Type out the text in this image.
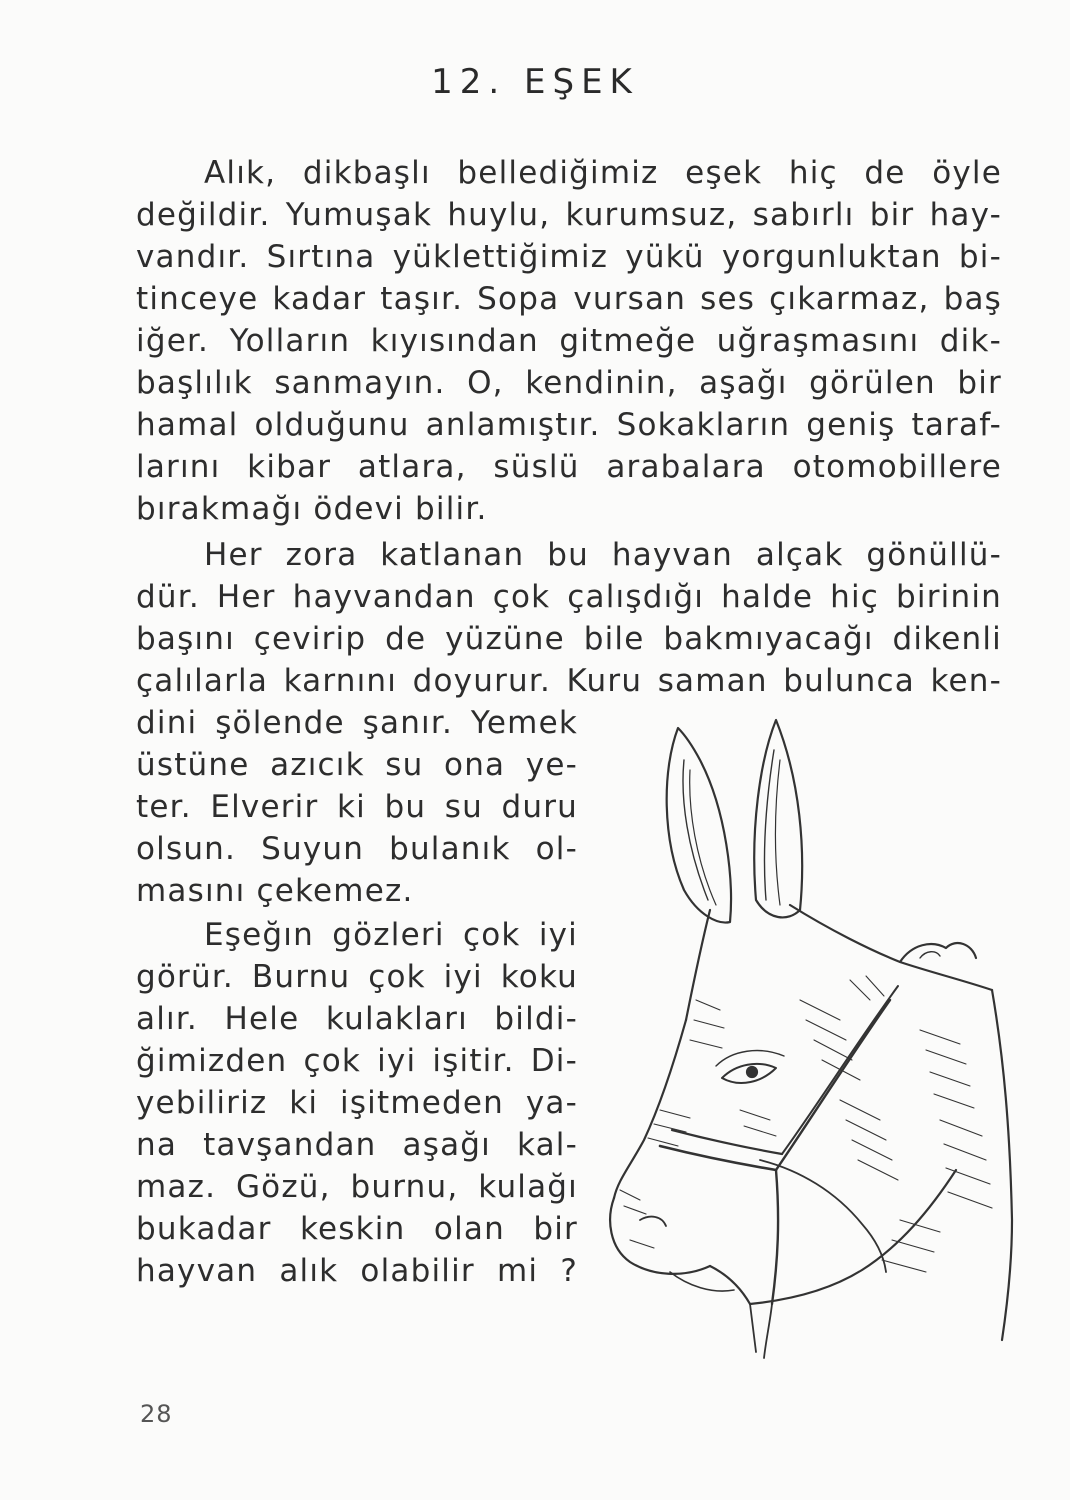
12. EŞEK
Alık, dikbaşlı bellediğimiz eşek hiç de öyle
değildir. Yumuşak huylu, kurumsuz, sabırlı bir hay-
vandır. Sırtına yüklettiğimiz yükü yorgunluktan bi-
tinceye kadar taşır. Sopa vursan ses çıkarmaz, baş
iğer. Yolların kıyısından gitmeğe uğraşmasını dik-
başlılık sanmayın. O, kendinin, aşağı görülen bir
hamal olduğunu anlamıştır. Sokakların geniş taraf-
larını kibar atlara, süslü arabalara otomobillere
bırakmağı ödevi bilir.
Her zora katlanan bu hayvan alçak gönüllü-
dür. Her hayvandan çok çalışdığı halde hiç birinin
başını çevirip de yüzüne bile bakmıyacağı dikenli
çalılarla karnını doyurur. Kuru saman bulunca ken-
dini şölende şanır. Yemek
üstüne azıcık su ona ye-
ter. Elverir ki bu su duru
olsun. Suyun bulanık ol-
masını çekemez.
Eşeğın gözleri çok iyi
görür. Burnu çok iyi koku
alır. Hele kulakları bildi-
ğimizden çok iyi işitir. Di-
yebiliriz ki işitmeden ya-
na tavşandan aşağı kal-
maz. Gözü, burnu, kulağı
bukadar keskin olan bir
hayvan alık olabilir mi ?
28
